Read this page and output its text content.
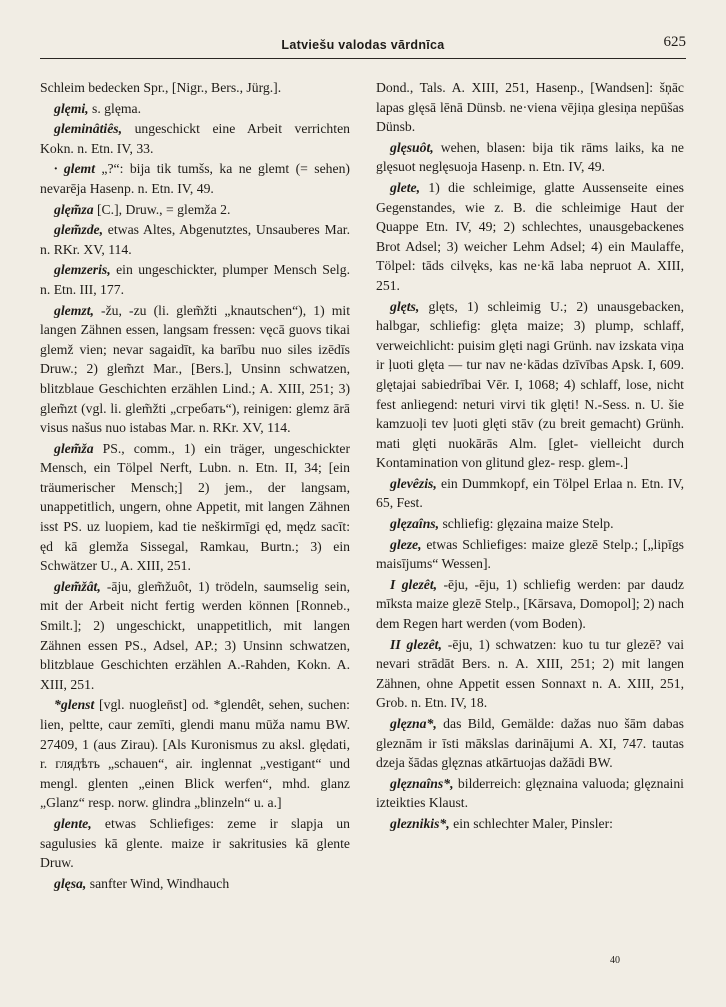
Latviešu valodas vārdnīca	625

Schleim bedecken Spr., [Nigr., Bers., Jürg.].

glęmi, s. glęma.

gleminâtiês, ungeschickt eine Arbeit verrichten Kokn. n. Etn. IV, 33.

· glemt „?“: bija tik tumšs, ka ne glemt (= sehen) nevarēja Hasenp. n. Etn. IV, 49.

glęm̃za [C.], Druw., = glemža 2.

glem̃zde, etwas Altes, Abgenutztes, Unsauberes Mar. n. RKr. XV, 114.

glemzeris, ein ungeschickter, plumper Mensch Selg. n. Etn. III, 177.

glemzt, -žu, -zu (li. glem̃žti „knautschen“), 1) mit langen Zähnen essen, langsam fressen: vęcā guovs tikai glemž vien; nevar sagaidīt, ka barību nuo siles izēdīs Druw.; 2) glem̃zt Mar., [Bers.], Unsinn schwatzen, blitzblaue Geschichten erzählen Lind.; A. XIII, 251; 3) glem̃zt (vgl. li. glem̃žti „сгребать“), reinigen: glemz ārā visus našus nuo istabas Mar. n. RKr. XV, 114.

glem̃ža PS., comm., 1) ein träger, ungeschickter Mensch, ein Tölpel Nerft, Lubn. n. Etn. II, 34; [ein träumerischer Mensch;] 2) jem., der langsam, unappetitlich, ungern, ohne Appetit, mit langen Zähnen isst PS. uz luopiem, kad tie neškirmīgi ęd, mędz sacīt: ęd kā glemža Sissegal, Ramkau, Burtn.; 3) ein Schwätzer U., A. XIII, 251.

glem̃žât, -āju, glem̃žuôt, 1) trödeln, saumselig sein, mit der Arbeit nicht fertig werden können [Ronneb., Smilt.]; 2) ungeschickt, unappetitlich, mit langen Zähnen essen PS., Adsel, AP.; 3) Unsinn schwatzen, blitzblaue Geschichten erzählen A.-Rahden, Kokn. A. XIII, 251.

*glenst [vgl. nuoglen̄st] od. *glendêt, sehen, suchen: lien, peltte, caur zemīti, glendi manu mūža namu BW. 27409, 1 (aus Zirau). [Als Kuronismus zu aksl. ględati, r. глядѣть „schauen“, air. inglennat „vestigant“ und mengl. glenten „einen Blick werfen“, mhd. glanz „Glanz“ resp. norw. glindra „blinzeln“ u. a.]

glente, etwas Schliefiges: zeme ir slapja un sagulusies kā glente. maize ir sakritusies kā glente Druw.

glęsa, sanfter Wind, Windhauch

Dond., Tals. A. XIII, 251, Hasenp., [Wandsen]: šņāc lapas glęsā lēnā Dünsb. ne·viena vējiņa glesiņa nepūšas Dünsb.

glęsuôt, wehen, blasen: bija tik rāms laiks, ka ne glęsuot neglęsuoja Hasenp. n. Etn. IV, 49.

glete, 1) die schleimige, glatte Aussenseite eines Gegenstandes, wie z. B. die schleimige Haut der Quappe Etn. IV, 49; 2) schlechtes, unausgebackenes Brot Adsel; 3) weicher Lehm Adsel; 4) ein Maulaffe, Tölpel: tāds cilvęks, kas ne·kā laba nepruot A. XIII, 251.

glęts, glęts, 1) schleimig U.; 2) unausgebacken, halbgar, schliefig: glęta maize; 3) plump, schlaff, verweichlicht: puisim glęti nagi Grünh. nav izskata viņa ir ļuoti glęta — tur nav ne·kādas dzīvības Apsk. I, 609. glętajai sabiedrībai Vēr. I, 1068; 4) schlaff, lose, nicht fest anliegend: neturi virvi tik glęti! N.-Sess. n. U. šie kamzuoļi tev ļuoti glęti stāv (zu breit gemacht) Grünh. mati glęti nuokārās Alm. [glet- vielleicht durch Kontamination von glitund glez- resp. glem-.]

glevêzis, ein Dummkopf, ein Tölpel Erlaa n. Etn. IV, 65, Fest.

glęzaîns, schliefig: glęzaina maize Stelp.

gleze, etwas Schliefiges: maize glezē Stelp.; [„lipīgs maisījums“ Wessen].

I glezêt, -ēju, -ēju, 1) schliefig werden: par daudz mīksta maize glezē Stelp., [Kārsava, Domopol]; 2) nach dem Regen hart werden (vom Boden).

II glezêt, -ēju, 1) schwatzen: kuo tu tur glezē? vai nevari strādāt Bers. n. A. XIII, 251; 2) mit langen Zähnen, ohne Appetit essen Sonnaxt n. A. XIII, 251, Grob. n. Etn. IV, 18.

glęzna*, das Bild, Gemälde: dažas nuo šām dabas gleznām ir īsti mākslas darināįumi A. XI, 747. tautas dzeja šādas glęznas atkārtuojas dažādi BW.

glęznaîns*, bilderreich: glęznaina valuoda; glęznaini izteikties Klaust.

gleznikis*, ein schlechter Maler, Pinsler:

40
